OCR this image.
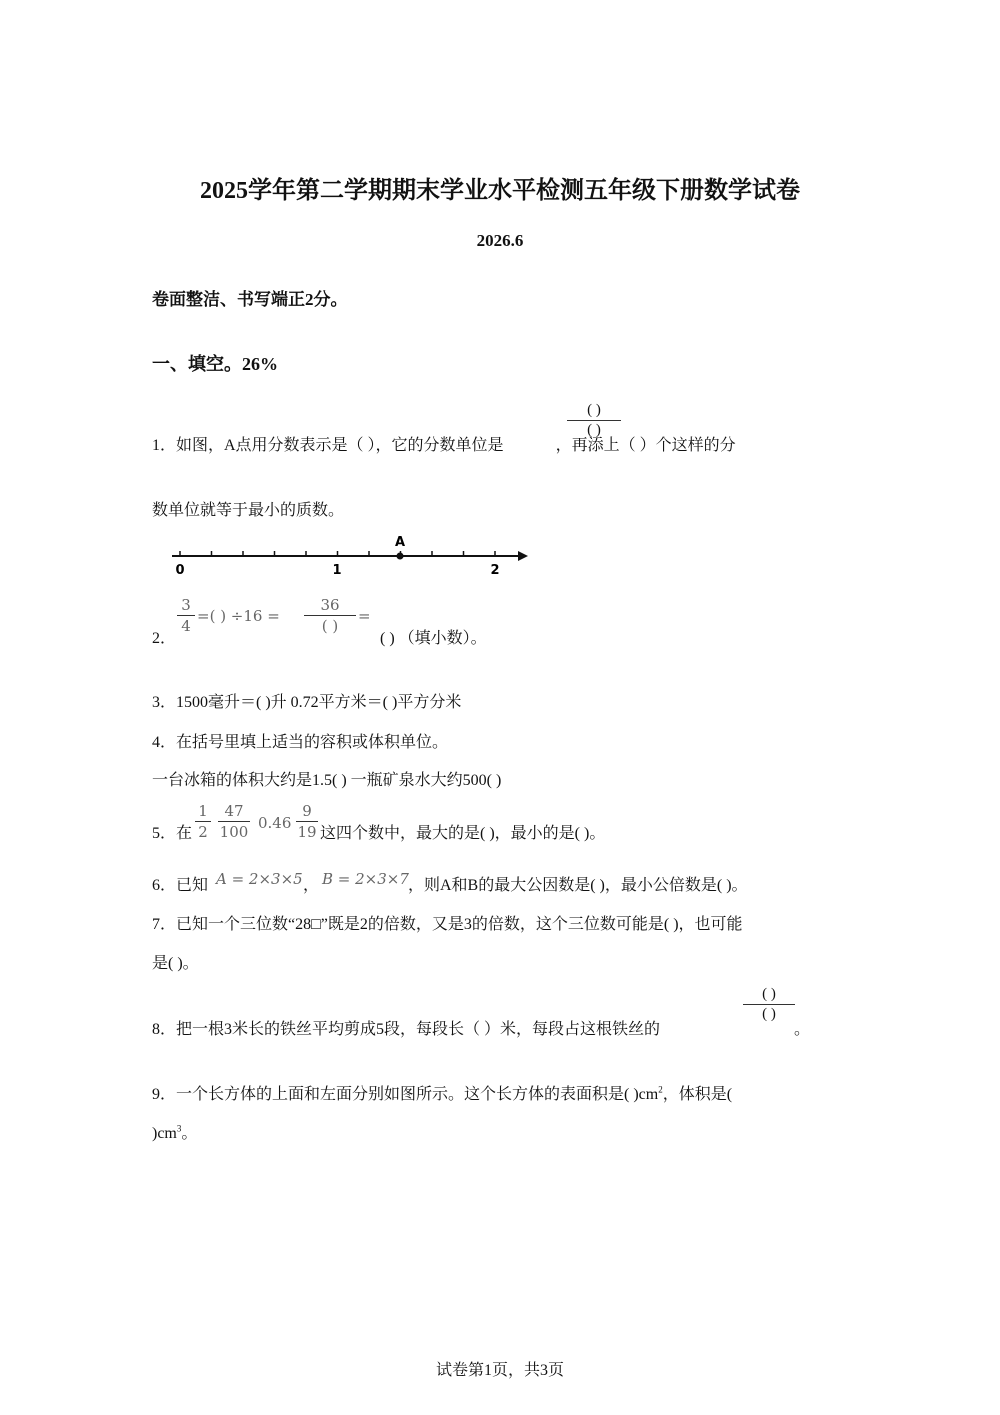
2025学年第二学期期末学业水平检测五年级下册数学试卷
2026.6
卷面整洁、书写端正2分。
一、填空。26%
1．如图，A点用分数表示是（ ），它的分数单位是	，再添上（ ）个这样的分
( )
( )
数单位就等于最小的质数。
A
0	1	2
2．
3
4
=( ) ÷16 =
36
( )
=
( ) （填小数）。
3．1500毫升＝( )升 0.72平方米＝( )平方分米
4．在括号里填上适当的容积或体积单位。
一台冰箱的体积大约是1.5( ) 一瓶矿泉水大约500( )
5．在
1
2
47
100 0.46
9
19 这四个数中，最大的是( )，最小的是( )。
6．已知 A = 2×3×5 ， B = 2×3×7 ，则A和B的最大公因数是( )，最小公倍数是( )。
7．已知一个三位数“28□”既是2的倍数，又是3的倍数，这个三位数可能是( )，也可能
是( )。
8．把一根3米长的铁丝平均剪成5段，每段长（ ）米，每段占这根铁丝的
( )
( )
。
9．一个长方体的上面和左面分别如图所示。这个长方体的表面积是( )$cm^2$，体积是(
)$cm^3$。
试卷第1页，共3页
